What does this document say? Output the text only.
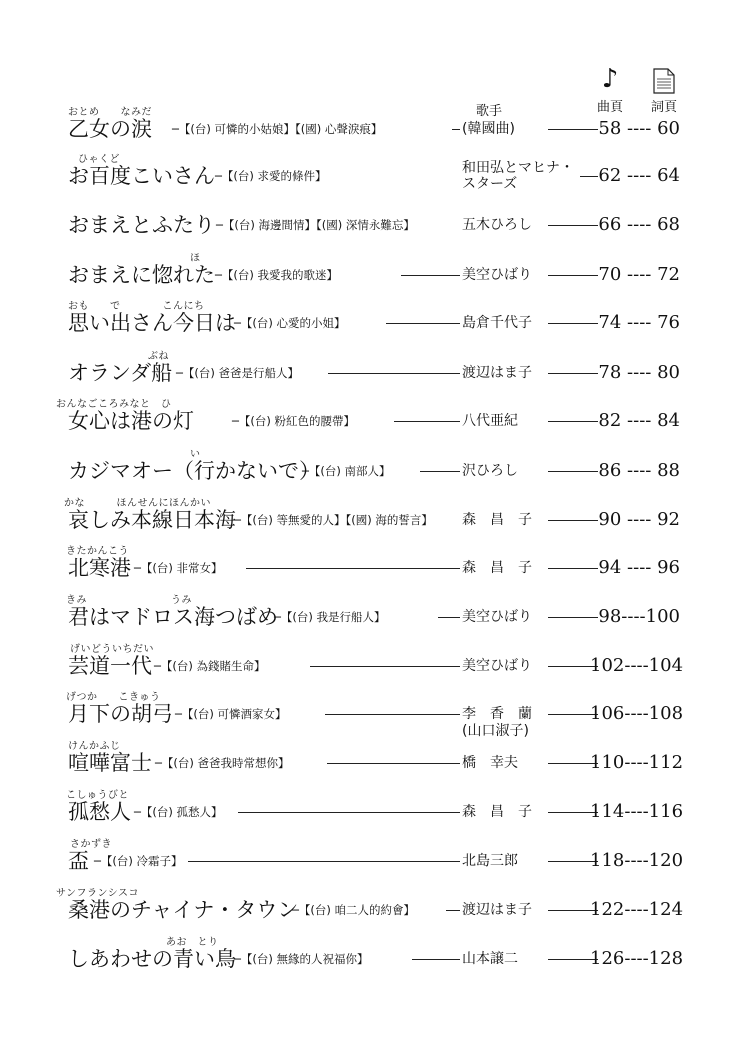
歌手
♪
曲頁	詞頁
おとめ　　なみだ
乙女の涙 ─【(台) 可憐的小姑娘】【(國) 心聲淚痕】	(韓國曲)	58 ---- 60
ひゃくど
お百度こいさん ─【(台) 求愛的條件】	和田弘とマヒナ・
スターズ	62 ---- 64
おまえとふたり ─【(台) 海邊間情】【(國) 深情永難忘】	五木ひろし	66 ---- 68
ほ
おまえに惚れた ─【(台) 我愛我的歌迷】	美空ひばり	70 ---- 72
おも　　で　　　　こんにち
思い出さん今日は
─【(台) 心愛的小姐】	島倉千代子	74 ---- 76
ぶね
オランダ船 ─【(台) 爸爸是行船人】	渡辺はま子	78 ---- 80
おんなごころみなと　ひ
女心は港の灯	─【(台) 粉紅色的腰帶】	八代亜紀	82 ---- 84
い
カジマオー（行かないで）
─【(台) 南部人】	沢ひろし	86 ---- 88
かな　　　ほんせんにほんかい
哀しみ本線日本海
─【(台) 等無愛的人】【(國) 海的誓言】 森　昌　子	90 ---- 92
きたかんこう
北寒港 ─【(台) 非常女】	森　昌　子	94 ---- 96
きみ　　　　　　　　うみ
君はマドロス海つばめ
─【(台) 我是行船人】	美空ひばり	98----100
げいどういちだい
芸道一代 ─【(台) 為錢賭生命】	美空ひばり	102----104
げつか　　こきゅう
月下の胡弓 ─【(台) 可憐酒家女】	李　香　蘭
(山口淑子)
106----108
けんかふじ
喧嘩富士 ─【(台) 爸爸我時常想你】	橋　幸夫	110----112
こしゅうびと
孤愁人 ─【(台) 孤愁人】	森　昌　子	114----116
さかずき
盃 ─【(台) 冷霜子】	北島三郎	118----120
サンフランシスコ
桑港のチャイナ・タウン
─【(台) 咱二人的約會】	渡辺はま子	122----124
あお　とり
しあわせの青い鳥
─【(台) 無緣的人祝福你】	山本譲二	126----128
